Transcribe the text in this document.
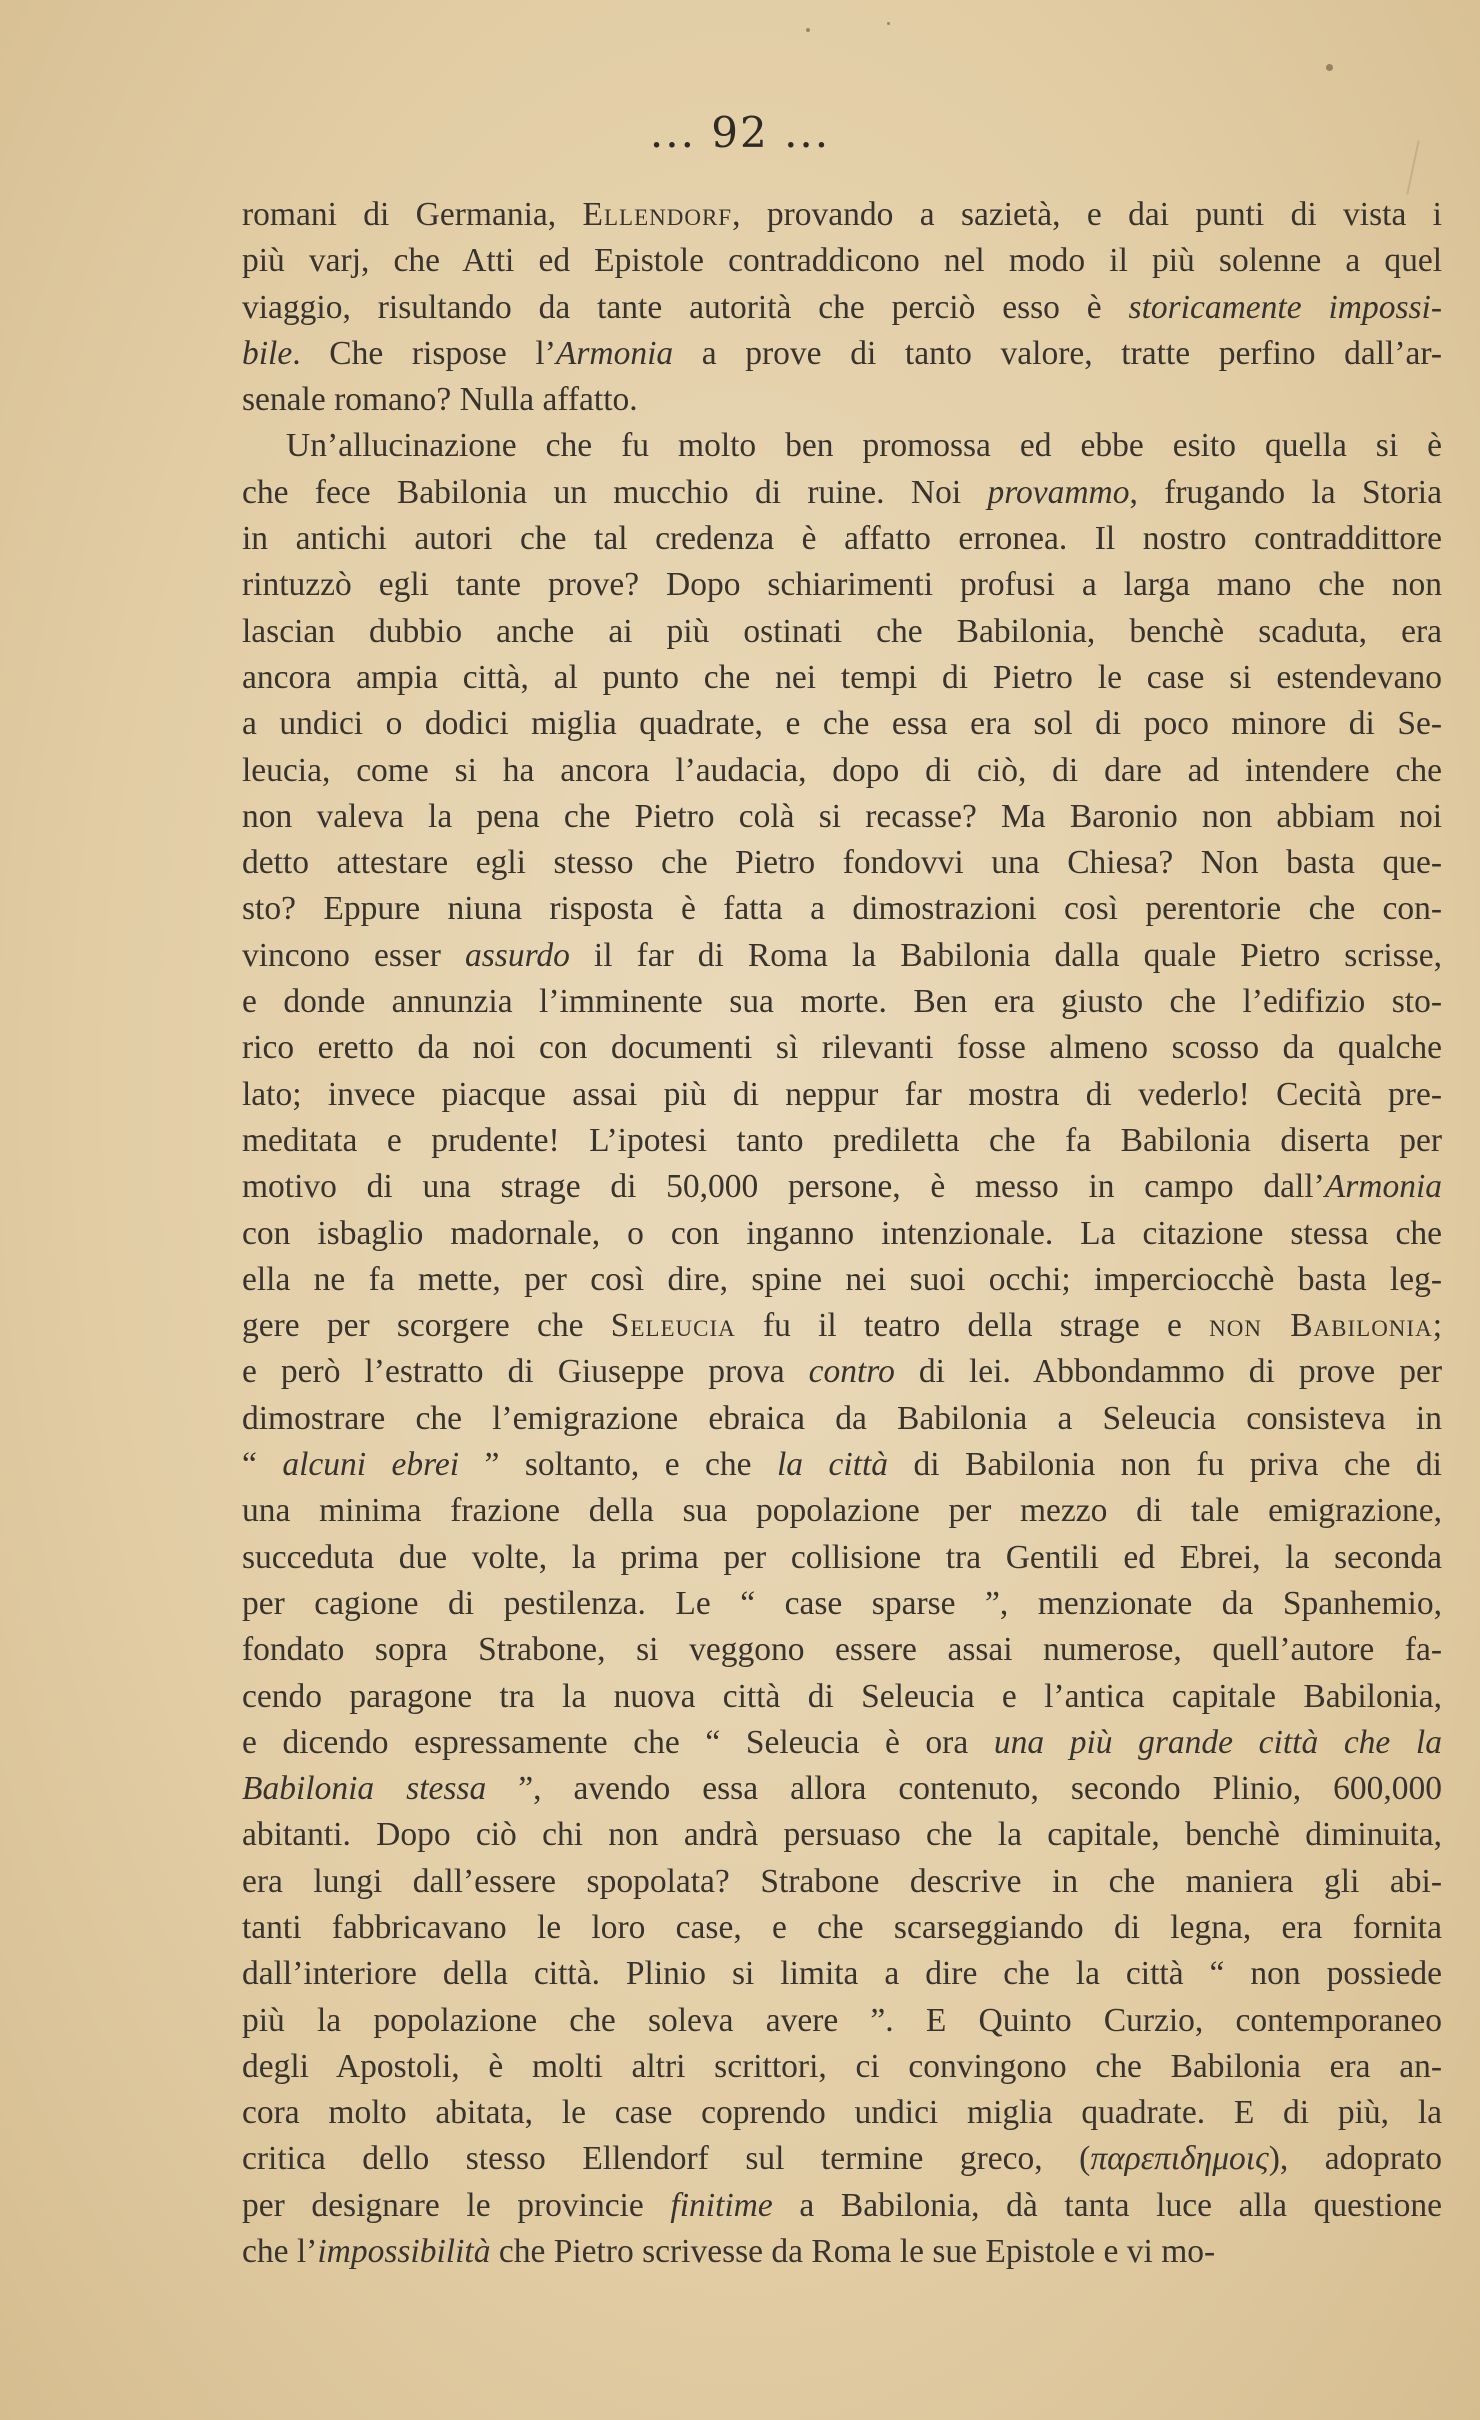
... 92 ...
romani di Germania, Ellendorf, provando a sazietà, e dai punti di vista i
più varj, che Atti ed Epistole contraddicono nel modo il più solenne a quel
viaggio, risultando da tante autorità che perciò esso è storicamente impossi-
bile. Che rispose l’Armonia a prove di tanto valore, tratte perfino dall’ar-
senale romano? Nulla affatto.
Un’allucinazione che fu molto ben promossa ed ebbe esito quella si è
che fece Babilonia un mucchio di ruine. Noi provammo, frugando la Storia
in antichi autori che tal credenza è affatto erronea. Il nostro contraddittore
rintuzzò egli tante prove? Dopo schiarimenti profusi a larga mano che non
lascian dubbio anche ai più ostinati che Babilonia, benchè scaduta, era
ancora ampia città, al punto che nei tempi di Pietro le case si estendevano
a undici o dodici miglia quadrate, e che essa era sol di poco minore di Se-
leucia, come si ha ancora l’audacia, dopo di ciò, di dare ad intendere che
non valeva la pena che Pietro colà si recasse? Ma Baronio non abbiam noi
detto attestare egli stesso che Pietro fondovvi una Chiesa? Non basta que-
sto? Eppure niuna risposta è fatta a dimostrazioni così perentorie che con-
vincono esser assurdo il far di Roma la Babilonia dalla quale Pietro scrisse,
e donde annunzia l’imminente sua morte. Ben era giusto che l’edifizio sto-
rico eretto da noi con documenti sì rilevanti fosse almeno scosso da qualche
lato; invece piacque assai più di neppur far mostra di vederlo! Cecità pre-
meditata e prudente! L’ipotesi tanto prediletta che fa Babilonia diserta per
motivo di una strage di 50,000 persone, è messo in campo dall’Armonia
con isbaglio madornale, o con inganno intenzionale. La citazione stessa che
ella ne fa mette, per così dire, spine nei suoi occhi; imperciocchè basta leg-
gere per scorgere che Seleucia fu il teatro della strage e non Babilonia;
e però l’estratto di Giuseppe prova contro di lei. Abbondammo di prove per
dimostrare che l’emigrazione ebraica da Babilonia a Seleucia consisteva in
“ alcuni ebrei ” soltanto, e che la città di Babilonia non fu priva che di
una minima frazione della sua popolazione per mezzo di tale emigrazione,
succeduta due volte, la prima per collisione tra Gentili ed Ebrei, la seconda
per cagione di pestilenza. Le “ case sparse ”, menzionate da Spanhemio,
fondato sopra Strabone, si veggono essere assai numerose, quell’autore fa-
cendo paragone tra la nuova città di Seleucia e l’antica capitale Babilonia,
e dicendo espressamente che “ Seleucia è ora una più grande città che la
Babilonia stessa ”, avendo essa allora contenuto, secondo Plinio, 600,000
abitanti. Dopo ciò chi non andrà persuaso che la capitale, benchè diminuita,
era lungi dall’essere spopolata? Strabone descrive in che maniera gli abi-
tanti fabbricavano le loro case, e che scarseggiando di legna, era fornita
dall’interiore della città. Plinio si limita a dire che la città “ non possiede
più la popolazione che soleva avere ”. E Quinto Curzio, contemporaneo
degli Apostoli, è molti altri scrittori, ci convingono che Babilonia era an-
cora molto abitata, le case coprendo undici miglia quadrate. E di più, la
critica dello stesso Ellendorf sul termine greco, (παρεπιδημοις), adoprato
per designare le provincie finitime a Babilonia, dà tanta luce alla questione
che l’impossibilità che Pietro scrivesse da Roma le sue Epistole e vi mo-
